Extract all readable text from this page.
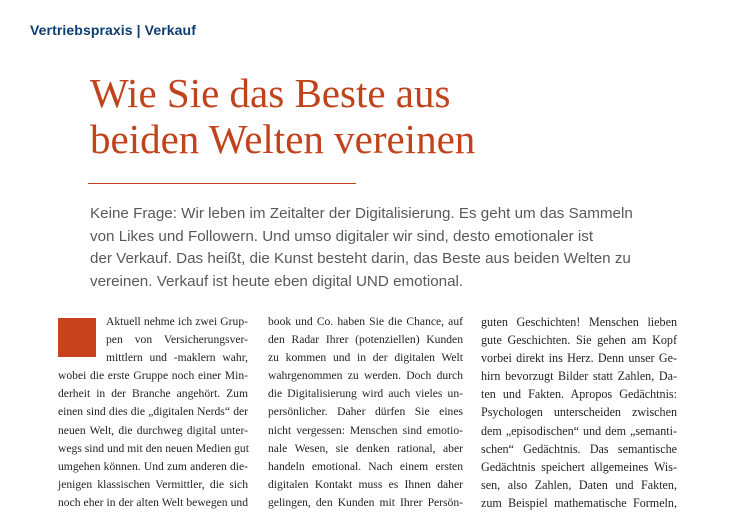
Vertriebspraxis | Verkauf
Wie Sie das Beste aus
beiden Welten vereinen
Keine Frage: Wir leben im Zeitalter der Digitalisierung. Es geht um das Sammeln
von Likes und Followern. Und umso digitaler wir sind, desto emotionaler ist
der Verkauf. Das heißt, die Kunst besteht darin, das Beste aus beiden Welten zu
vereinen. Verkauf ist heute eben digital UND emotional.
Aktuell nehme ich zwei Grup-
pen von Versicherungsver-
mittlern und -maklern wahr,
wobei die erste Gruppe noch einer Min-
derheit in der Branche angehört. Zum
einen sind dies die „digitalen Nerds“ der
neuen Welt, die durchweg digital unter-
wegs sind und mit den neuen Medien gut
umgehen können. Und zum anderen die-
jenigen klassischen Vermittler, die sich
noch eher in der alten Welt bewegen und
book und Co. haben Sie die Chance, auf
den Radar Ihrer (potenziellen) Kunden
zu kommen und in der digitalen Welt
wahrgenommen zu werden. Doch durch
die Digitalisierung wird auch vieles un-
persönlicher. Daher dürfen Sie eines
nicht vergessen: Menschen sind emotio-
nale Wesen, sie denken rational, aber
handeln emotional. Nach einem ersten
digitalen Kontakt muss es Ihnen daher
gelingen, den Kunden mit Ihrer Persön-
guten Geschichten! Menschen lieben
gute Geschichten. Sie gehen am Kopf
vorbei direkt ins Herz. Denn unser Ge-
hirn bevorzugt Bilder statt Zahlen, Da-
ten und Fakten. Apropos Gedächtnis:
Psychologen unterscheiden zwischen
dem „episodischen“ und dem „semanti-
schen“ Gedächtnis. Das semantische
Gedächtnis speichert allgemeines Wis-
sen, also Zahlen, Daten und Fakten,
zum Beispiel mathematische Formeln,
